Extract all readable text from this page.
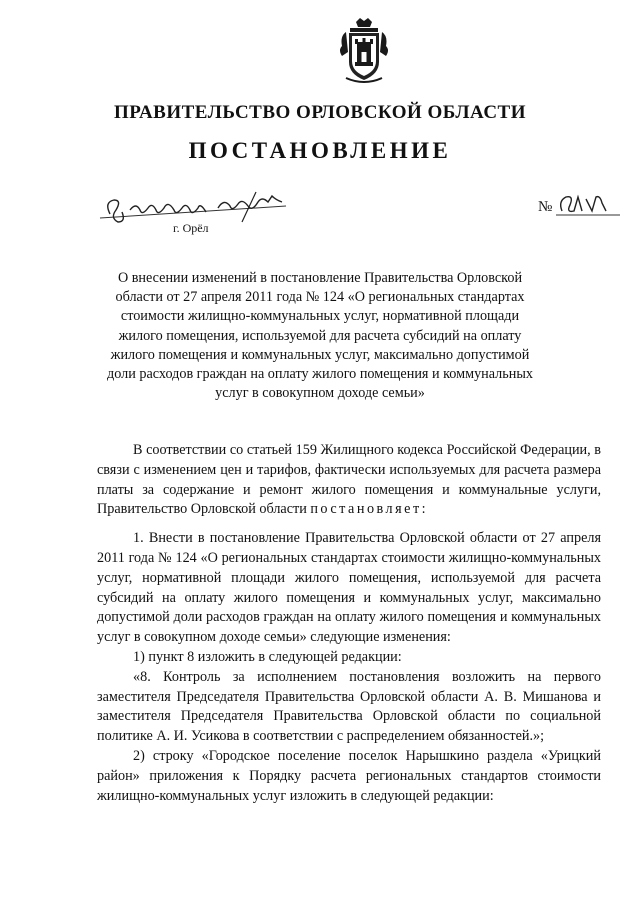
ПРАВИТЕЛЬСТВО ОРЛОВСКОЙ ОБЛАСТИ
ПОСТАНОВЛЕНИЕ
г. Орёл
№
О внесении изменений в постановление Правительства Орловской области от 27 апреля 2011 года № 124 «О региональных стандартах стоимости жилищно-коммунальных услуг, нормативной площади жилого помещения, используемой для расчета субсидий на оплату жилого помещения и коммунальных услуг, максимально допустимой доли расходов граждан на оплату жилого помещения и коммунальных услуг в совокупном доходе семьи»

В соответствии со статьей 159 Жилищного кодекса Российской Федерации, в связи с изменением цен и тарифов, фактически используемых для расчета размера платы за содержание и ремонт жилого помещения и коммунальные услуги, Правительство Орловской области постановляет:

1. Внести в постановление Правительства Орловской области от 27 апреля 2011 года № 124 «О региональных стандартах стоимости жилищно-коммунальных услуг, нормативной площади жилого помещения, используемой для расчета субсидий на оплату жилого помещения и коммунальных услуг, максимально допустимой доли расходов граждан на оплату жилого помещения и коммунальных услуг в совокупном доходе семьи» следующие изменения:

1) пункт 8 изложить в следующей редакции:

«8. Контроль за исполнением постановления возложить на первого заместителя Председателя Правительства Орловской области А. В. Мишанова и заместителя Председателя Правительства Орловской области по социальной политике А. И. Усикова в соответствии с распределением обязанностей.»;

2) строку «Городское поселение поселок Нарышкино раздела «Урицкий район» приложения к Порядку расчета региональных стандартов стоимости жилищно-коммунальных услуг изложить в следующей редакции:
